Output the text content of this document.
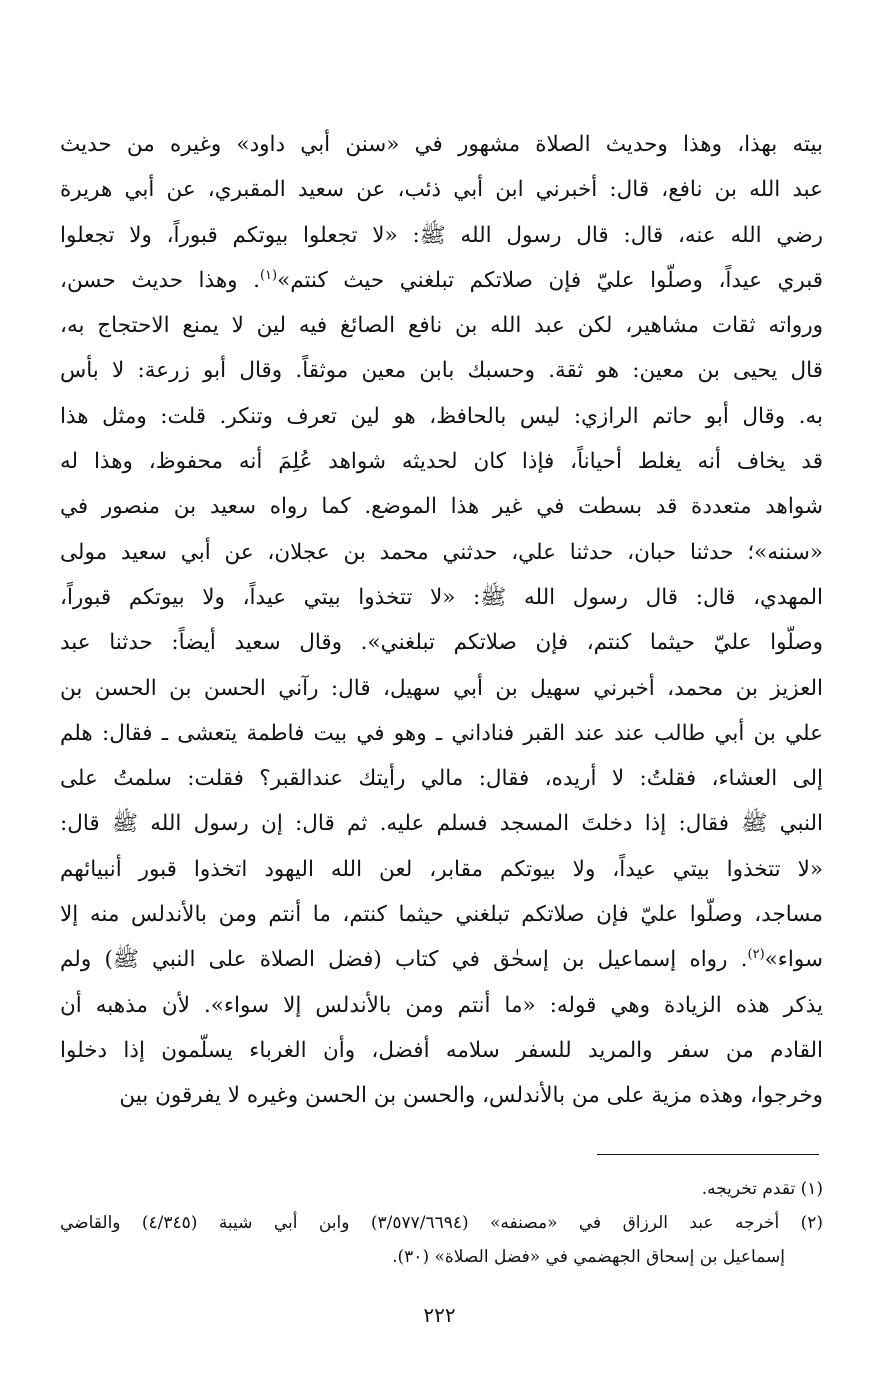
بيته بهذا، وهذا وحديث الصلاة مشهور في «سنن أبي داود» وغيره من حديث
عبد الله بن نافع، قال: أخبرني ابن أبي ذئب، عن سعيد المقبري، عن أبي هريرة
رضي الله عنه، قال: قال رسول الله ﷺ: «لا تجعلوا بيوتكم قبوراً، ولا تجعلوا
قبري عيداً، وصلّوا عليّ فإن صلاتكم تبلغني حيث كنتم»$^{(١)}$. وهذا حديث حسن،
ورواته ثقات مشاهير، لكن عبد الله بن نافع الصائغ فيه لين لا يمنع الاحتجاج به،
قال يحيى بن معين: هو ثقة. وحسبك بابن معين موثقاً. وقال أبو زرعة: لا بأس
به. وقال أبو حاتم الرازي: ليس بالحافظ، هو لين تعرف وتنكر. قلت: ومثل هذا
قد يخاف أنه يغلط أحياناً، فإذا كان لحديثه شواهد عُلِمَ أنه محفوظ، وهذا له
شواهد متعددة قد بسطت في غير هذا الموضع. كما رواه سعيد بن منصور في
«سننه»؛ حدثنا حبان، حدثنا علي، حدثني محمد بن عجلان، عن أبي سعيد مولى
المهدي، قال: قال رسول الله ﷺ: «لا تتخذوا بيتي عيداً، ولا بيوتكم قبوراً،
وصلّوا عليّ حيثما كنتم، فإن صلاتكم تبلغني». وقال سعيد أيضاً: حدثنا عبد
العزيز بن محمد، أخبرني سهيل بن أبي سهيل، قال: رآني الحسن بن الحسن بن
علي بن أبي طالب عند عند القبر فناداني ـ وهو في بيت فاطمة يتعشى ـ فقال: هلم
إلى العشاء، فقلتُ: لا أريده، فقال: مالي رأيتك عندالقبر؟ فقلت: سلمتُ على
النبي ﷺ فقال: إذا دخلتَ المسجد فسلم عليه. ثم قال: إن رسول الله ﷺ قال:
«لا تتخذوا بيتي عيداً، ولا بيوتكم مقابر، لعن الله اليهود اتخذوا قبور أنبيائهم
مساجد، وصلّوا عليّ فإن صلاتكم تبلغني حيثما كنتم، ما أنتم ومن بالأندلس منه إلا
سواء»$^{(٢)}$. رواه إسماعيل بن إسحٰق في كتاب (فضل الصلاة على النبي ﷺ) ولم
يذكر هذه الزيادة وهي قوله: «ما أنتم ومن بالأندلس إلا سواء». لأن مذهبه أن
القادم من سفر والمريد للسفر سلامه أفضل، وأن الغرباء يسلّمون إذا دخلوا
وخرجوا، وهذه مزية على من بالأندلس، والحسن بن الحسن وغيره لا يفرقون بين
(١) تقدم تخريجه.
(٢) أخرجه عبد الرزاق في «مصنفه» (٣/٥٧٧/٦٦٩٤) وابن أبي شيبة (٤/٣٤٥) والقاضي
إسماعيل بن إسحاق الجهضمي في «فضل الصلاة» (٣٠).
٢٢٢
